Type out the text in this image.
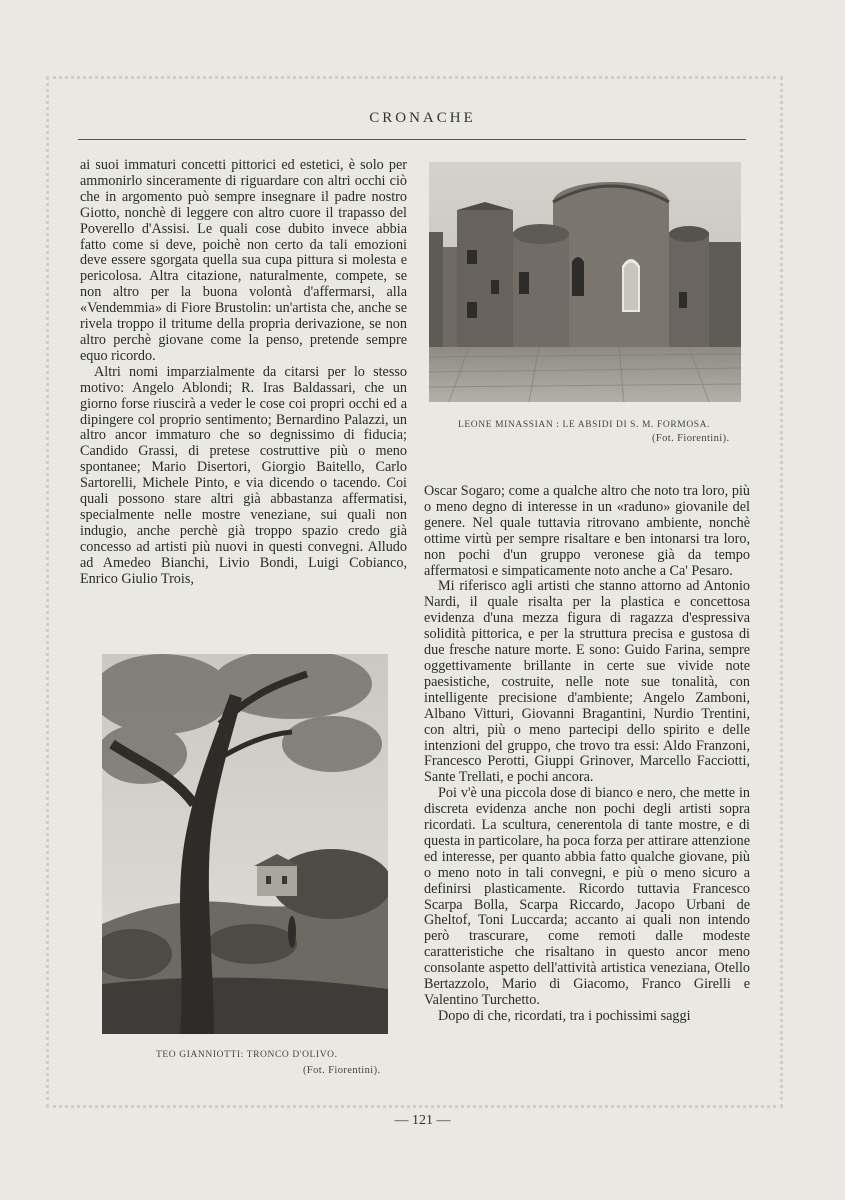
CRONACHE

ai suoi immaturi concetti pittorici ed estetici, è solo per ammonirlo sinceramente di riguardare con altri occhi ciò che in argomento può sempre insegnare il padre nostro Giotto, nonchè di leggere con altro cuore il trapasso del Poverello d'Assisi. Le quali cose dubito invece abbia fatto come si deve, poichè non certo da tali emozioni deve essere sgorgata quella sua cupa pittura si molesta e pericolosa. Altra citazione, naturalmente, compete, se non altro per la buona volontà d'affermarsi, alla «Vendemmia» di Fiore Brustolin: un'artista che, anche se rivela troppo il tritume della propria derivazione, se non altro perchè giovane come la penso, pretende sempre equo ricordo.

Altri nomi imparzialmente da citarsi per lo stesso motivo: Angelo Ablondi; R. Iras Baldassari, che un giorno forse riuscirà a veder le cose coi propri occhi ed a dipingere col proprio sentimento; Bernardino Palazzi, un altro ancor immaturo che so degnissimo di fiducia; Candido Grassi, di pretese costruttive più o meno spontanee; Mario Disertori, Giorgio Baitello, Carlo Sartorelli, Michele Pinto, e via dicendo o tacendo. Coi quali possono stare altri già abbastanza affermatisi, specialmente nelle mostre veneziane, sui quali non indugio, anche perchè già troppo spazio credo già concesso ad artisti più nuovi in questi convegni. Alludo ad Amedeo Bianchi, Livio Bondi, Luigi Cobianco, Enrico Giulio Trois,

LEONE MINASSIAN : LE ABSIDI DI S. M. FORMOSA.
(Fot. Fiorentini).

Oscar Sogaro; come a qualche altro che noto tra loro, più o meno degno di interesse in un «raduno» giovanile del genere. Nel quale tuttavia ritrovano ambiente, nonchè ottime virtù per sempre risaltare e ben intonarsi tra loro, non pochi d'un gruppo veronese già da tempo affermatosi e simpaticamente noto anche a Ca' Pesaro.

Mi riferisco agli artisti che stanno attorno ad Antonio Nardi, il quale risalta per la plastica e concettosa evidenza d'una mezza figura di ragazza d'espressiva solidità pittorica, e per la struttura precisa e gustosa di due fresche nature morte. E sono: Guido Farina, sempre oggettivamente brillante in certe sue vivide note paesistiche, costruite, nelle note sue tonalità, con intelligente precisione d'ambiente; Angelo Zamboni, Albano Vitturi, Giovanni Bragantini, Nurdio Trentini, con altri, più o meno partecipi dello spirito e delle intenzioni del gruppo, che trovo tra essi: Aldo Franzoni, Francesco Perotti, Giuppi Grinover, Marcello Facciotti, Sante Trellati, e pochi ancora.

Poi v'è una piccola dose di bianco e nero, che mette in discreta evidenza anche non pochi degli artisti sopra ricordati. La scultura, cenerentola di tante mostre, e di questa in particolare, ha poca forza per attirare attenzione ed interesse, per quanto abbia fatto qualche giovane, più o meno noto in tali convegni, e più o meno sicuro a definirsi plasticamente. Ricordo tuttavia Francesco Scarpa Bolla, Scarpa Riccardo, Jacopo Urbani de Gheltof, Toni Luccarda; accanto ai quali non intendo però trascurare, come remoti dalle modeste caratteristiche che risaltano in questo ancor meno consolante aspetto dell'attività artistica veneziana, Otello Bertazzolo, Mario di Giacomo, Franco Girelli e Valentino Turchetto.

Dopo di che, ricordati, tra i pochissimi saggi

TEO GIANNIOTTI: TRONCO D'OLIVO.
(Fot. Fiorentini).
— 121 —
